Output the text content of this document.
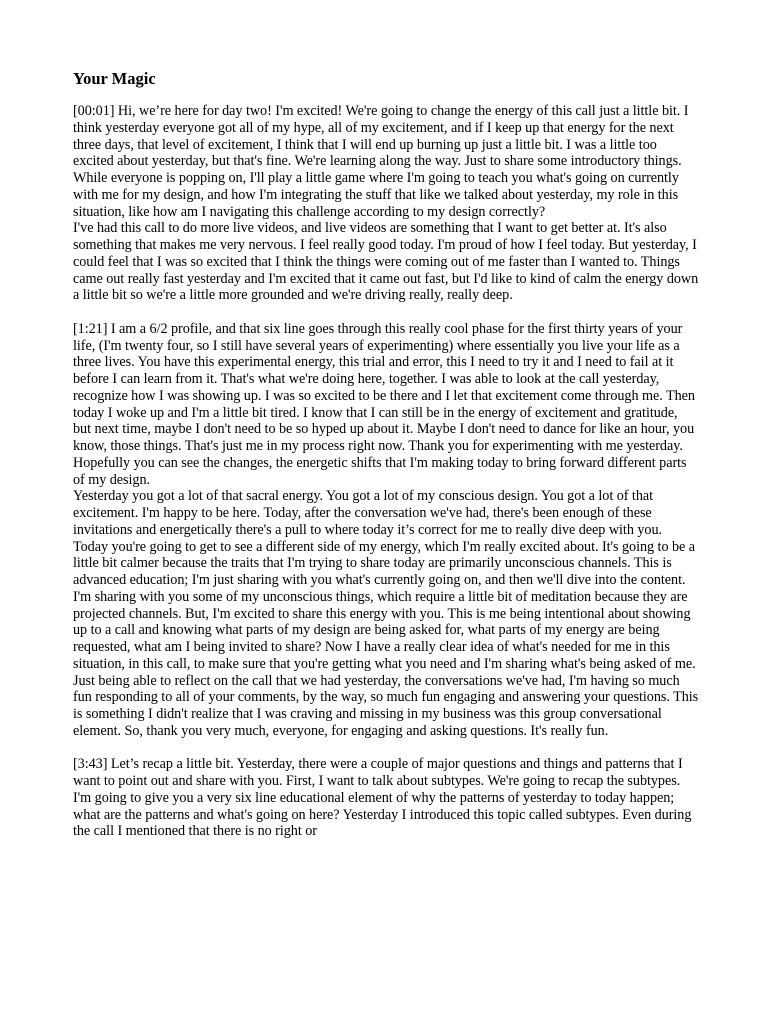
Your Magic

[00:01] Hi, we’re here for day two! I'm excited! We're going to change the energy of this call just a little bit. I think yesterday everyone got all of my hype, all of my excitement, and if I keep up that energy for the next three days, that level of excitement, I think that I will end up burning up just a little bit. I was a little too excited about yesterday, but that's fine. We're learning along the way. Just to share some introductory things. While everyone is popping on, I'll play a little game where I'm going to teach you what's going on currently with me for my design, and how I'm integrating the stuff that like we talked about yesterday, my role in this situation, like how am I navigating this challenge according to my design correctly?

I've had this call to do more live videos, and live videos are something that I want to get better at. It's also something that makes me very nervous. I feel really good today. I'm proud of how I feel today. But yesterday, I could feel that I was so excited that I think the things were coming out of me faster than I wanted to. Things came out really fast yesterday and I'm excited that it came out fast, but I'd like to kind of calm the energy down a little bit so we're a little more grounded and we're driving really, really deep.

[1:21] I am a 6/2 profile, and that six line goes through this really cool phase for the first thirty years of your life, (I'm twenty four, so I still have several years of experimenting) where essentially you live your life as a three lives. You have this experimental energy, this trial and error, this I need to try it and I need to fail at it before I can learn from it. That's what we're doing here, together. I was able to look at the call yesterday, recognize how I was showing up. I was so excited to be there and I let that excitement come through me. Then today I woke up and I'm a little bit tired. I know that I can still be in the energy of excitement and gratitude, but next time, maybe I don't need to be so hyped up about it. Maybe I don't need to dance for like an hour, you know, those things. That's just me in my process right now. Thank you for experimenting with me yesterday. Hopefully you can see the changes, the energetic shifts that I'm making today to bring forward different parts of my design.

Yesterday you got a lot of that sacral energy. You got a lot of my conscious design. You got a lot of that excitement. I'm happy to be here. Today, after the conversation we've had, there's been enough of these invitations and energetically there's a pull to where today it’s correct for me to really dive deep with you. Today you're going to get to see a different side of my energy, which I'm really excited about. It's going to be a little bit calmer because the traits that I'm trying to share today are primarily unconscious channels. This is advanced education; I'm just sharing with you what's currently going on, and then we'll dive into the content.

I'm sharing with you some of my unconscious things, which require a little bit of meditation because they are projected channels. But, I'm excited to share this energy with you. This is me being intentional about showing up to a call and knowing what parts of my design are being asked for, what parts of my energy are being requested, what am I being invited to share? Now I have a really clear idea of what's needed for me in this situation, in this call, to make sure that you're getting what you need and I'm sharing what's being asked of me. Just being able to reflect on the call that we had yesterday, the conversations we've had, I'm having so much fun responding to all of your comments, by the way, so much fun engaging and answering your questions. This is something I didn't realize that I was craving and missing in my business was this group conversational element. So, thank you very much, everyone, for engaging and asking questions. It's really fun.

[3:43] Let’s recap a little bit. Yesterday, there were a couple of major questions and things and patterns that I want to point out and share with you. First, I want to talk about subtypes. We're going to recap the subtypes. I'm going to give you a very six line educational element of why the patterns of yesterday to today happen; what are the patterns and what's going on here? Yesterday I introduced this topic called subtypes. Even during the call I mentioned that there is no right or
